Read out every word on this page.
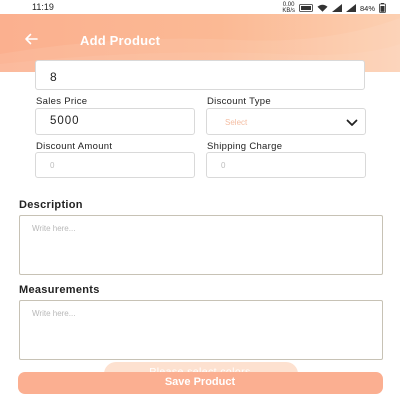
11:19	0.00
KB/s	84%
Add Product
8
Sales Price
5000
Discount Type
Select
Discount Amount
0
Shipping Charge
0
Description
Write here...
Measurements
Write here...
Save Product
